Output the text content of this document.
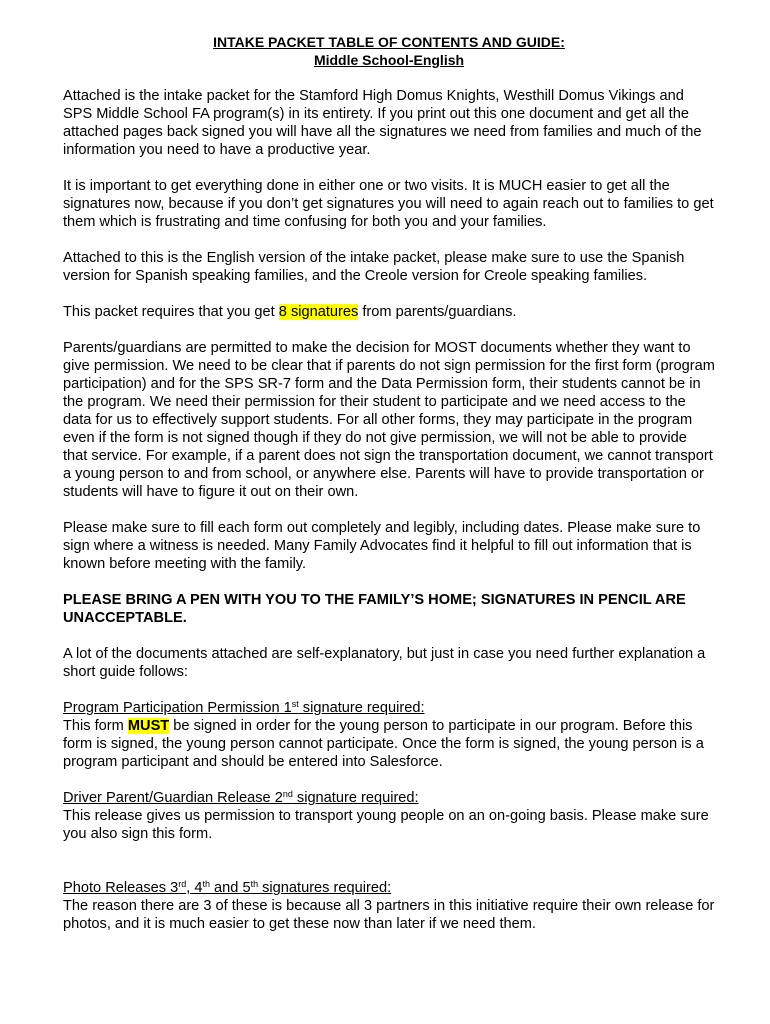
INTAKE PACKET TABLE OF CONTENTS AND GUIDE:
Middle School-English

Attached is the intake packet for the Stamford High Domus Knights, Westhill Domus Vikings and SPS Middle School FA program(s) in its entirety. If you print out this one document and get all the attached pages back signed you will have all the signatures we need from families and much of the information you need to have a productive year.

It is important to get everything done in either one or two visits. It is MUCH easier to get all the signatures now, because if you don’t get signatures you will need to again reach out to families to get them which is frustrating and time confusing for both you and your families.

Attached to this is the English version of the intake packet, please make sure to use the Spanish version for Spanish speaking families, and the Creole version for Creole speaking families.

This packet requires that you get 8 signatures from parents/guardians.

Parents/guardians are permitted to make the decision for MOST documents whether they want to give permission. We need to be clear that if parents do not sign permission for the first form (program participation) and for the SPS SR-7 form and the Data Permission form, their students cannot be in the program. We need their permission for their student to participate and we need access to the data for us to effectively support students. For all other forms, they may participate in the program even if the form is not signed though if they do not give permission, we will not be able to provide that service. For example, if a parent does not sign the transportation document, we cannot transport a young person to and from school, or anywhere else. Parents will have to provide transportation or students will have to figure it out on their own.

Please make sure to fill each form out completely and legibly, including dates. Please make sure to sign where a witness is needed. Many Family Advocates find it helpful to fill out information that is known before meeting with the family.

PLEASE BRING A PEN WITH YOU TO THE FAMILY’S HOME; SIGNATURES IN PENCIL ARE UNACCEPTABLE.

A lot of the documents attached are self-explanatory, but just in case you need further explanation a short guide follows:

Program Participation Permission 1st signature required:

This form MUST be signed in order for the young person to participate in our program. Before this form is signed, the young person cannot participate. Once the form is signed, the young person is a program participant and should be entered into Salesforce.

Driver Parent/Guardian Release 2nd signature required:

This release gives us permission to transport young people on an on-going basis. Please make sure you also sign this form.

Photo Releases 3rd, 4th and 5th signatures required:

The reason there are 3 of these is because all 3 partners in this initiative require their own release for photos, and it is much easier to get these now than later if we need them.
